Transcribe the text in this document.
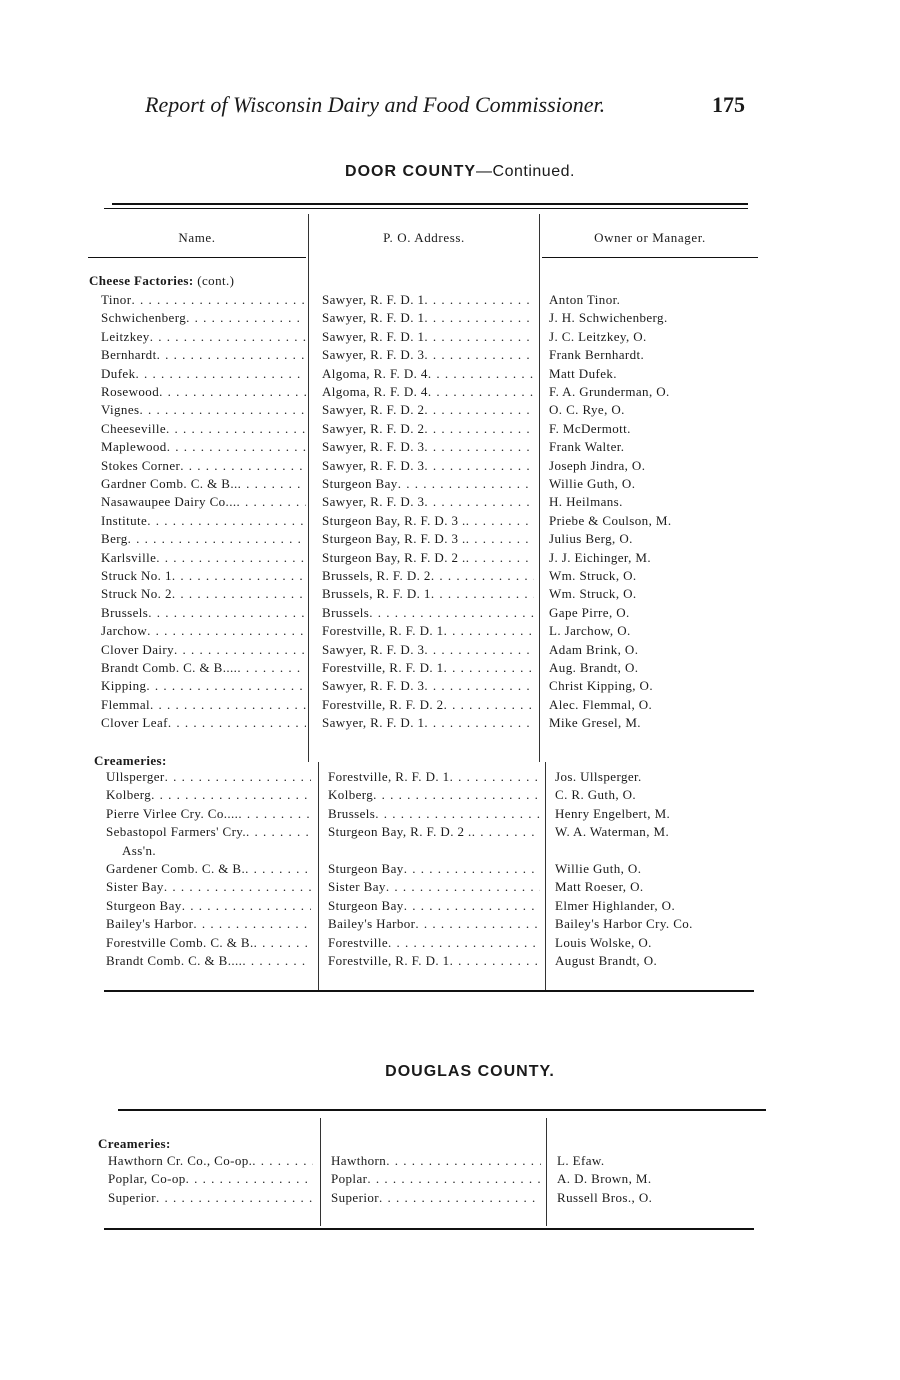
Report of Wisconsin Dairy and Food Commissioner.	175
DOOR COUNTY—Continued.
Name.	P. O. Address.	Owner or Manager.
Cheese Factories: (cont.)
Tinor . . .	Sawyer, R. F. D. 1 . . .	Anton Tinor.
Schwichenberg . . .	Sawyer, R. F. D. 1 . . .	J. H. Schwichenberg.
Leitzkey . . .	Sawyer, R. F. D. 1 . . .	J. C. Leitzkey, O.
Bernhardt . . .	Sawyer, R. F. D. 3 . . .	Frank Bernhardt.
Dufek . . .	Algoma, R. F. D. 4 . . .	Matt Dufek.
Rosewood . . .	Algoma, R. F. D. 4 . . .	F. A. Grunderman, O.
Vignes . . .	Sawyer, R. F. D. 2 . . .	O. C. Rye, O.
Cheeseville . . .	Sawyer, R. F. D. 2 . . .	F. McDermott.
Maplewood . . .	Sawyer, R. F. D. 3 . . .	Frank Walter.
Stokes Corner . . .	Sawyer, R. F. D. 3 . . .	Joseph Jindra, O.
Gardner Comb. C. & B.. . . .	Sturgeon Bay . . .	Willie Guth, O.
Nasawaupee Dairy Co... . . .	Sawyer, R. F. D. 3 . . .	H. Heilmans.
Institute . . .	Sturgeon Bay, R. F. D. 3 . . . .	Priebe & Coulson, M.
Berg . . .	Sturgeon Bay, R. F. D. 3 . . . .	Julius Berg, O.
Karlsville . . .	Sturgeon Bay, R. F. D. 2 . . . .	J. J. Eichinger, M.
Struck No. 1 . . .	Brussels, R. F. D. 2 . . .	Wm. Struck, O.
Struck No. 2 . . .	Brussels, R. F. D. 1 . . .	Wm. Struck, O.
Brussels . . .	Brussels . . .	Gape Pirre, O.
Jarchow . . .	Forestville, R. F. D. 1 . . .	L. Jarchow, O.
Clover Dairy . . .	Sawyer, R. F. D. 3 . . .	Adam Brink, O.
Brandt Comb. C. & B.... . . .	Forestville, R. F. D. 1 . . .	Aug. Brandt, O.
Kipping . . .	Sawyer, R. F. D. 3 . . .	Christ Kipping, O.
Flemmal . . .	Forestville, R. F. D. 2 . . .	Alec. Flemmal, O.
Clover Leaf . . .	Sawyer, R. F. D. 1 . . .	Mike Gresel, M.
Creameries:
Ullsperger . . .	Forestville, R. F. D. 1 . . .	Jos. Ullsperger.
Kolberg . . .	Kolberg . . .	C. R. Guth, O.
Pierre Virlee Cry. Co.... . . .	Brussels . . .	Henry Engelbert, M.
Sebastopol Farmers' Cry. . . .	Sturgeon Bay, R. F. D. 2 . . . .	W. A. Waterman, M.
Ass'n.
Gardener Comb. C. & B. . . .	Sturgeon Bay . . .	Willie Guth, O.
Sister Bay . . .	Sister Bay . . .	Matt Roeser, O.
Sturgeon Bay . . .	Sturgeon Bay . . .	Elmer Highlander, O.
Bailey's Harbor . . .	Bailey's Harbor . . .	Bailey's Harbor Cry. Co.
Forestville Comb. C. & B. . . .	Forestville . . .	Louis Wolske, O.
Brandt Comb. C. & B.... . . .	Forestville, R. F. D. 1 . . .	August Brandt, O.
DOUGLAS COUNTY.
Creameries:
Hawthorn Cr. Co., Co-op. . . .	Hawthorn . . .	L. Efaw.
Poplar, Co-op . . .	Poplar . . .	A. D. Brown, M.
Superior . . .	Superior . . .	Russell Bros., O.
